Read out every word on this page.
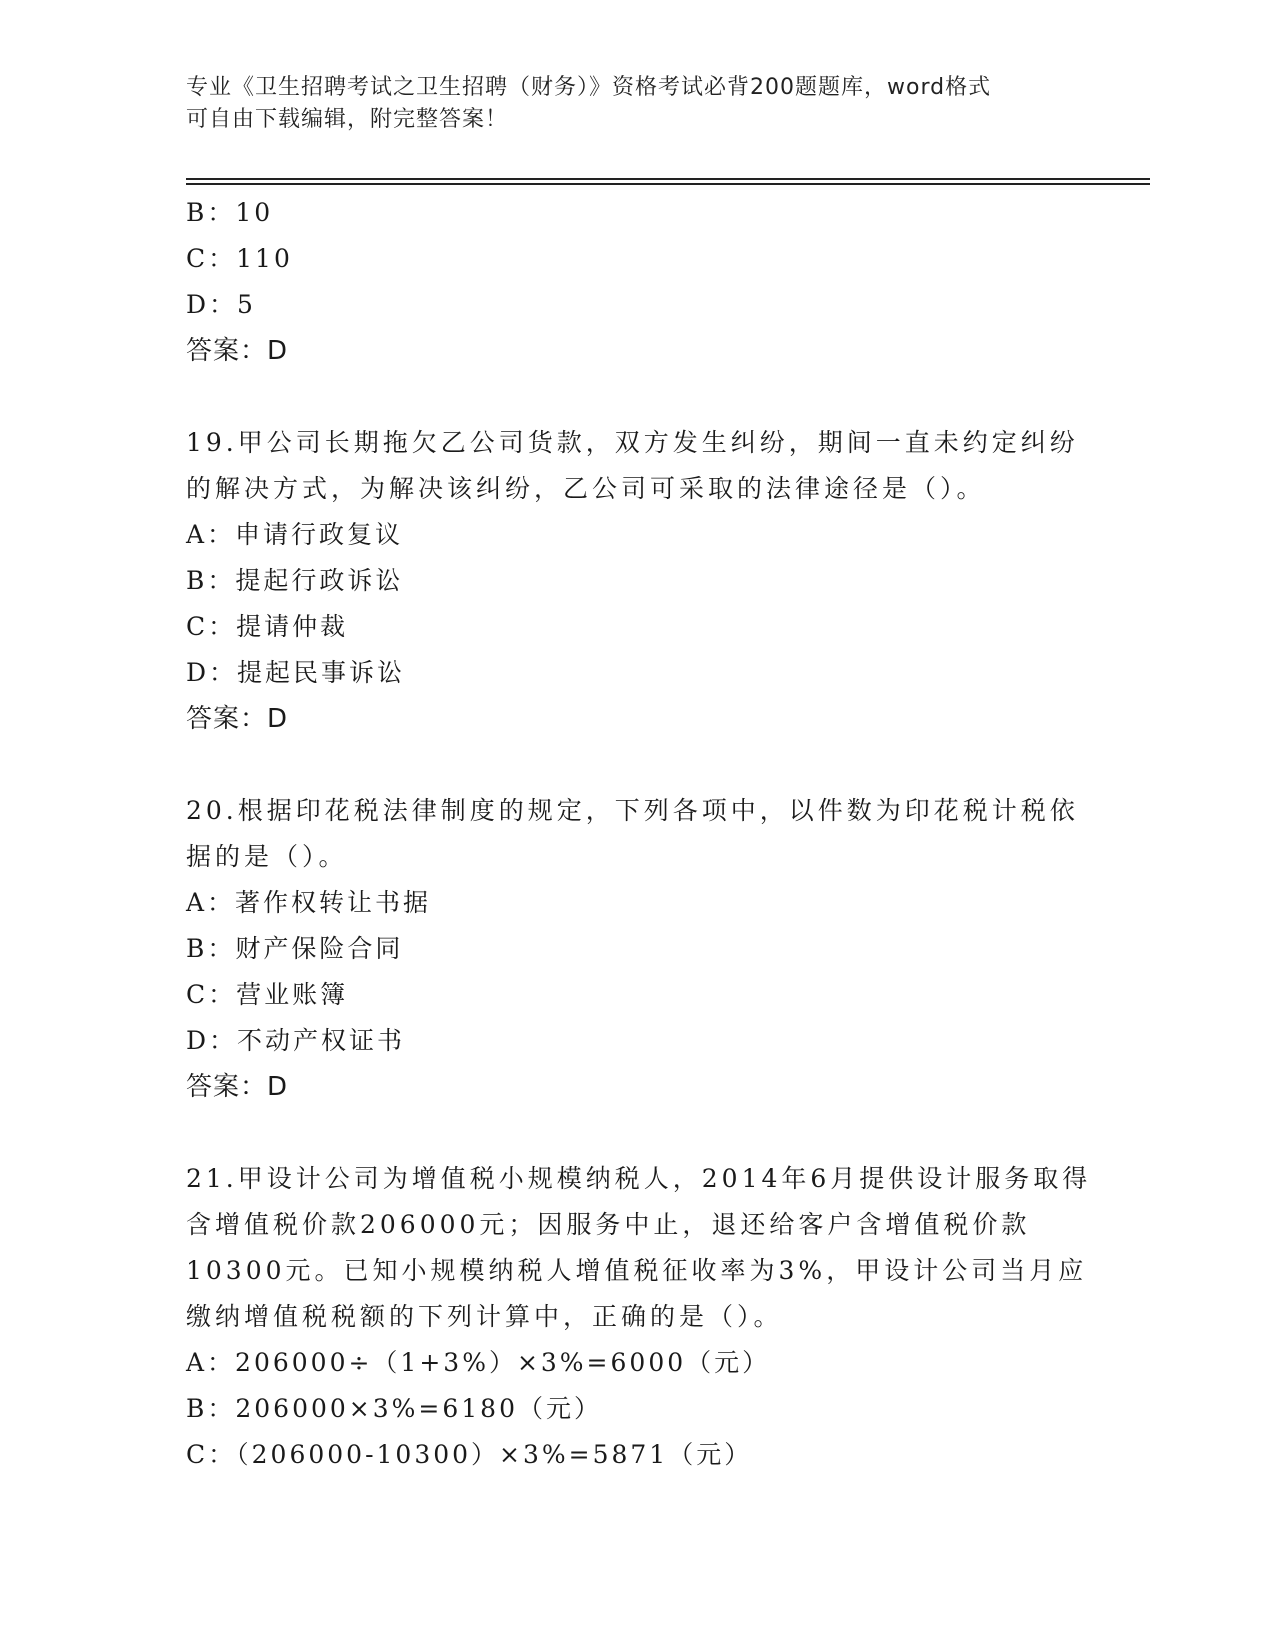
专业《卫生招聘考试之卫生招聘（财务）》资格考试必背200题题库，word格式
可自由下载编辑，附完整答案！
B：10
C：110
D：5
答案：D
19.甲公司长期拖欠乙公司货款，双方发生纠纷，期间一直未约定纠纷
的解决方式，为解决该纠纷，乙公司可采取的法律途径是（）。
A：申请行政复议
B：提起行政诉讼
C：提请仲裁
D：提起民事诉讼
答案：D
20.根据印花税法律制度的规定，下列各项中，以件数为印花税计税依
据的是（）。
A：著作权转让书据
B：财产保险合同
C：营业账簿
D：不动产权证书
答案：D
21.甲设计公司为增值税小规模纳税人，2014年6月提供设计服务取得
含增值税价款206000元；因服务中止，退还给客户含增值税价款
10300元。已知小规模纳税人增值税征收率为3%，甲设计公司当月应
缴纳增值税税额的下列计算中，正确的是（）。
A：206000÷（1+3%）×3%=6000（元）
B：206000×3%=6180（元）
C：（206000-10300）×3%=5871（元）
